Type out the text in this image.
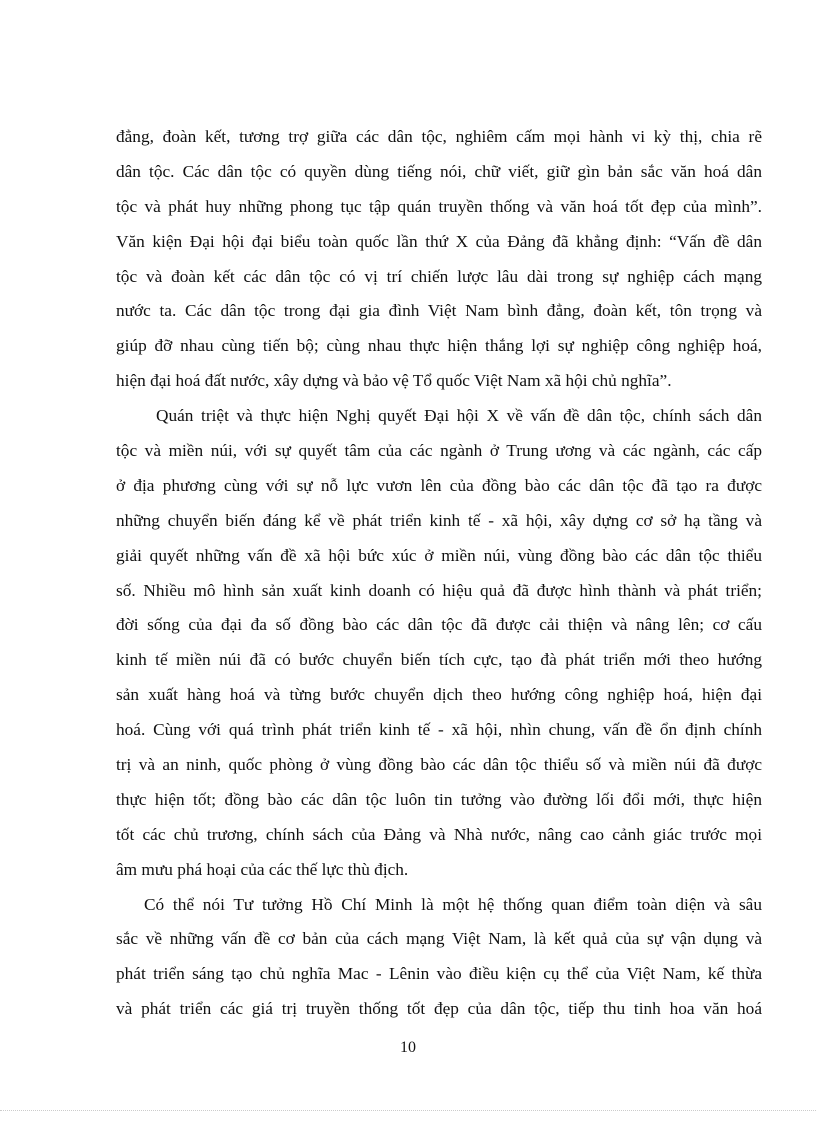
đẳng, đoàn kết, tương trợ giữa các dân tộc, nghiêm cấm mọi hành vi kỳ thị, chia rẽ
dân tộc. Các dân tộc có quyền dùng tiếng nói, chữ viết, giữ gìn bản sắc văn hoá dân
tộc và phát huy những phong tục tập quán truyền thống và văn hoá tốt đẹp của mình”.
Văn kiện Đại hội đại biểu toàn quốc lần thứ X của Đảng đã khẳng định: “Vấn đề dân
tộc và đoàn kết các dân tộc có vị trí chiến lược lâu dài trong sự nghiệp cách mạng
nước ta. Các dân tộc trong đại gia đình Việt Nam bình đẳng, đoàn kết, tôn trọng và
giúp đỡ nhau cùng tiến bộ; cùng nhau thực hiện thắng lợi sự nghiệp công nghiệp hoá,
hiện đại hoá đất nước, xây dựng và bảo vệ Tổ quốc Việt Nam xã hội chủ nghĩa”.
Quán triệt và thực hiện Nghị quyết Đại hội X về vấn đề dân tộc, chính sách dân
tộc và miền núi, với sự quyết tâm của các ngành ở Trung ương và các ngành, các cấp
ở địa phương cùng với sự nỗ lực vươn lên của đồng bào các dân tộc đã tạo ra được
những chuyển biến đáng kể về phát triển kinh tế - xã hội, xây dựng cơ sở hạ tầng và
giải quyết những vấn đề xã hội bức xúc ở miền núi, vùng đồng bào các dân tộc thiểu
số. Nhiều mô hình sản xuất kinh doanh có hiệu quả đã được hình thành và phát triển;
đời sống của đại đa số đồng bào các dân tộc đã được cải thiện và nâng lên; cơ cấu
kinh tế miền núi đã có bước chuyển biến tích cực, tạo đà phát triển mới theo hướng
sản xuất hàng hoá và từng bước chuyển dịch theo hướng công nghiệp hoá, hiện đại
hoá. Cùng với quá trình phát triển kinh tế - xã hội, nhìn chung, vấn đề ổn định chính
trị và an ninh, quốc phòng ở vùng đồng bào các dân tộc thiểu số và miền núi đã được
thực hiện tốt; đồng bào các dân tộc luôn tin tưởng vào đường lối đổi mới, thực hiện
tốt các chủ trương, chính sách của Đảng và Nhà nước, nâng cao cảnh giác trước mọi
âm mưu phá hoại của các thế lực thù địch.
Có thể nói Tư tưởng Hồ Chí Minh là một hệ thống quan điểm toàn diện và sâu
sắc về những vấn đề cơ bản của cách mạng Việt Nam, là kết quả của sự vận dụng và
phát triển sáng tạo chủ nghĩa Mac - Lênin vào điều kiện cụ thể của Việt Nam, kế thừa
và phát triển các giá trị truyền thống tốt đẹp của dân tộc, tiếp thu tinh hoa văn hoá
10
